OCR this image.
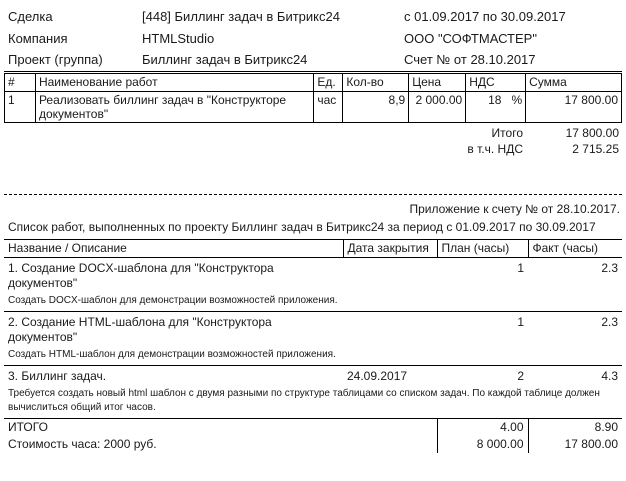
Сделка	[448] Биллинг задач в Битрикс24	с 01.09.2017 по 30.09.2017
Компания	HTMLStudio	ООО "СОФТМАСТЕР"
Проект (группа)	Биллинг задач в Битрикс24	Счет № от 28.10.2017
#	Наименование работ	Ед.	Кол-во	Цена	НДС	Сумма
1	Реализовать биллинг задач в "Конструкторе документов"	час	8,9	2 000.00	18 %	17 800.00
Итого	17 800.00
в т.ч. НДС	2 715.25
Приложение к счету № от 28.10.2017.
Список работ, выполненных по проекту Биллинг задач в Битрикс24 за период с 01.09.2017 по 30.09.2017			
Название / Описание	Дата закрытия	План (часы)	Факт (часы)
1. Создание DOCX-шаблона для "Конструктора документов"		1	2.3
Создать DOCX-шаблон для демонстрации возможностей приложения.			
2. Создание HTML-шаблона для "Конструктора документов"		1	2.3
Создать HTML-шаблон для демонстрации возможностей приложения.			
3. Биллинг задач.	24.09.2017	2	4.3
Требуется создать новый html шаблон с двумя разными по структуре таблицами со списком задач. По каждой таблице должен вычислиться общий итог часов.			
ИТОГО		4.00	8.90
Стоимость часа: 2000 руб.		8 000.00	17 800.00
